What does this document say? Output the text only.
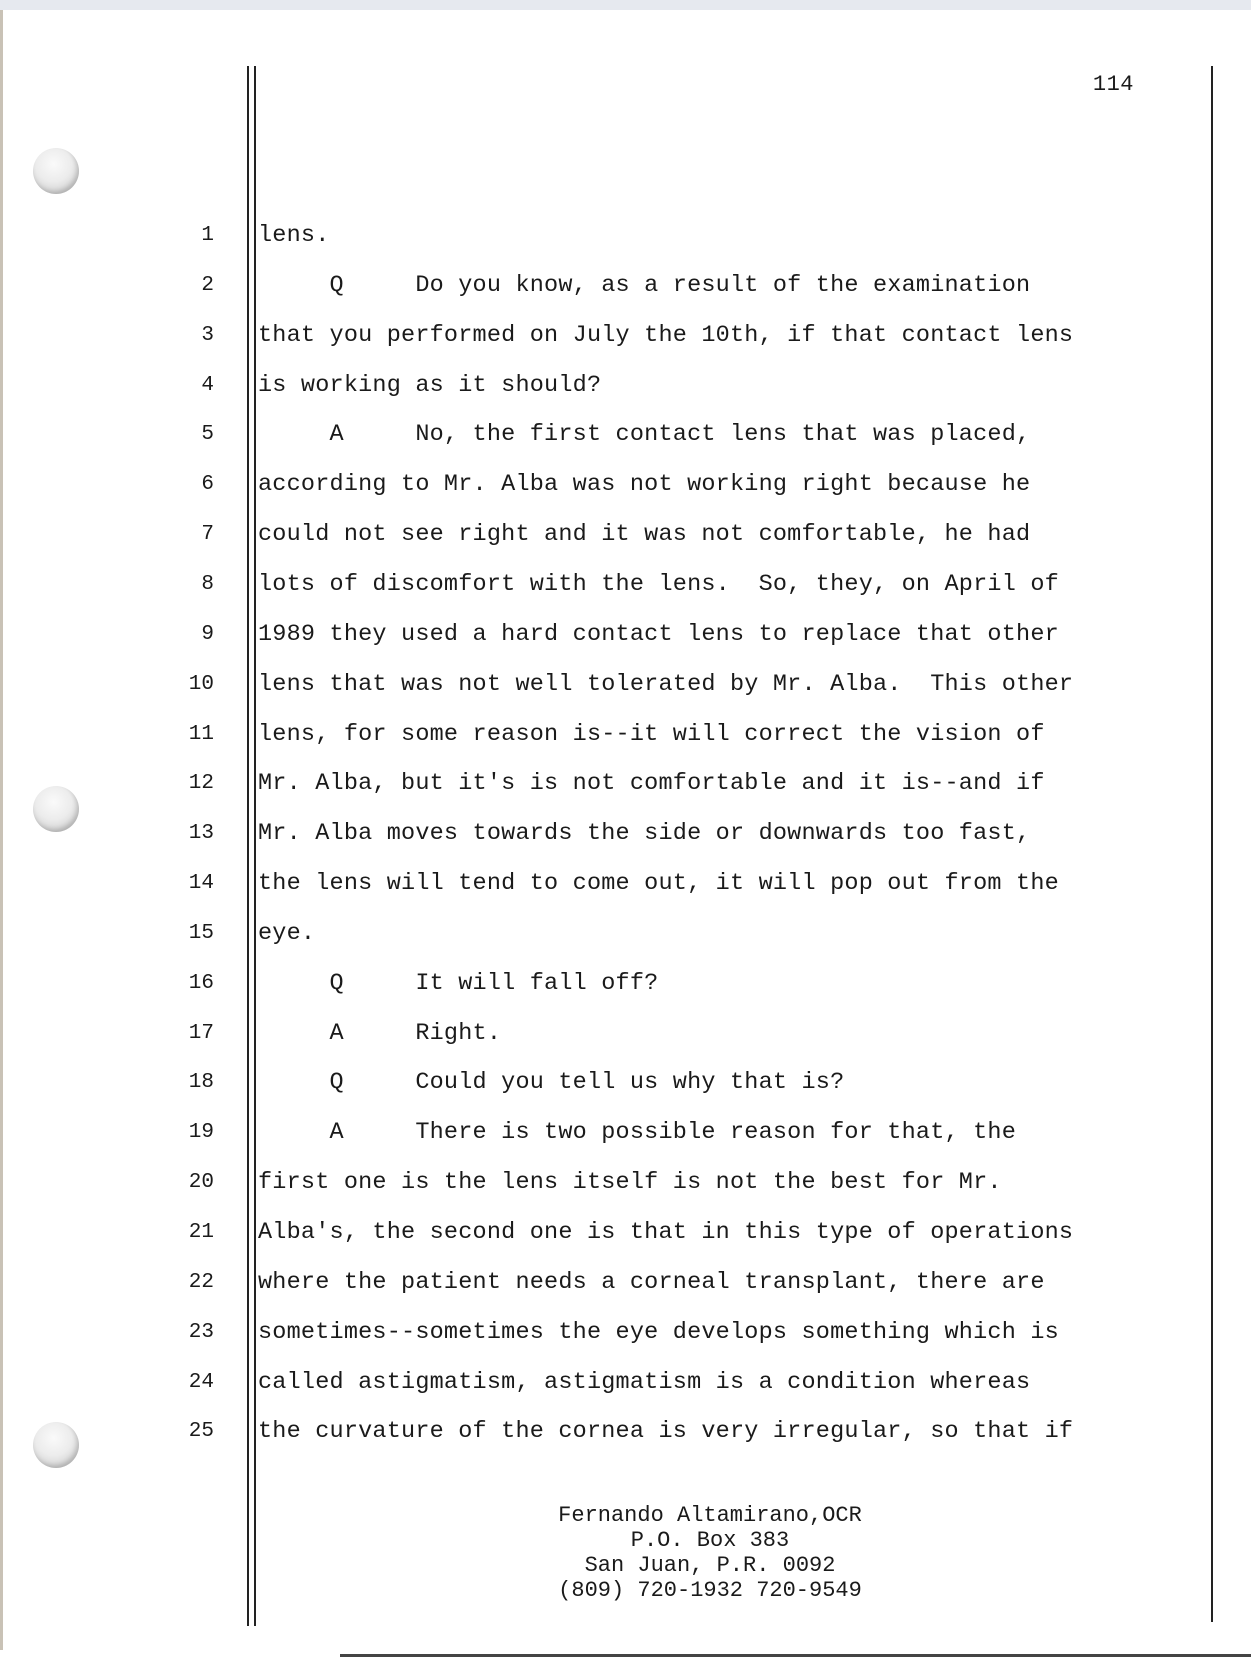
114
1 lens.
2 Q     Do you know, as a result of the examination
3 that you performed on July the 10th, if that contact lens
4 is working as it should?
5 A     No, the first contact lens that was placed,
6 according to Mr. Alba was not working right because he
7 could not see right and it was not comfortable, he had
8 lots of discomfort with the lens.  So, they, on April of
9 1989 they used a hard contact lens to replace that other
10 lens that was not well tolerated by Mr. Alba.  This other
11 lens, for some reason is--it will correct the vision of
12 Mr. Alba, but it's is not comfortable and it is--and if
13 Mr. Alba moves towards the side or downwards too fast,
14 the lens will tend to come out, it will pop out from the
15 eye.
16 Q     It will fall off?
17 A     Right.
18 Q     Could you tell us why that is?
19 A     There is two possible reason for that, the
20 first one is the lens itself is not the best for Mr.
21 Alba's, the second one is that in this type of operations
22 where the patient needs a corneal transplant, there are
23 sometimes--sometimes the eye develops something which is
24 called astigmatism, astigmatism is a condition whereas
25 the curvature of the cornea is very irregular, so that if
Fernando Altamirano,OCR
P.O. Box 383
San Juan, P.R. 0092
(809) 720-1932 720-9549
